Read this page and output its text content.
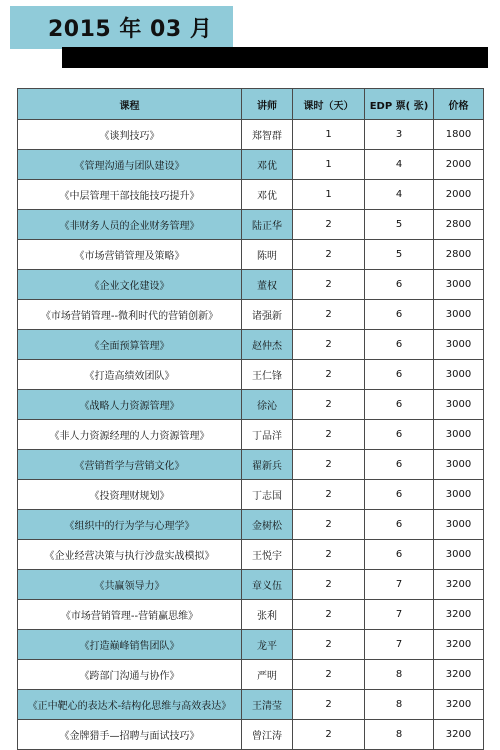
2015 年 03 月
课程	讲师	课时（天）	EDP 票( 张)	价格
《谈判技巧》	郑智群	1	3	1800
《管理沟通与团队建设》	邓优	1	4	2000
《中层管理干部技能技巧提升》	邓优	1	4	2000
《非财务人员的企业财务管理》	陆正华	2	5	2800
《市场营销管理及策略》	陈明	2	5	2800
《企业文化建设》	董权	2	6	3000
《市场营销管理--微利时代的营销创新》	诸强新	2	6	3000
《全面预算管理》	赵仲杰	2	6	3000
《打造高绩效团队》	王仁锋	2	6	3000
《战略人力资源管理》	徐沁	2	6	3000
《非人力资源经理的人力资源管理》	丁品洋	2	6	3000
《营销哲学与营销文化》	翟新兵	2	6	3000
《投资理财规划》	丁志国	2	6	3000
《组织中的行为学与心理学》	金树松	2	6	3000
《企业经营决策与执行沙盘实战模拟》	王悦宇	2	6	3000
《共赢领导力》	章义伍	2	7	3200
《市场营销管理--营销赢思维》	张利	2	7	3200
《打造巅峰销售团队》	龙平	2	7	3200
《跨部门沟通与协作》	严明	2	8	3200
《正中靶心的表达术-结构化思维与高效表达》	王清莹	2	8	3200
《金牌猎手—招聘与面试技巧》	曾江涛	2	8	3200
